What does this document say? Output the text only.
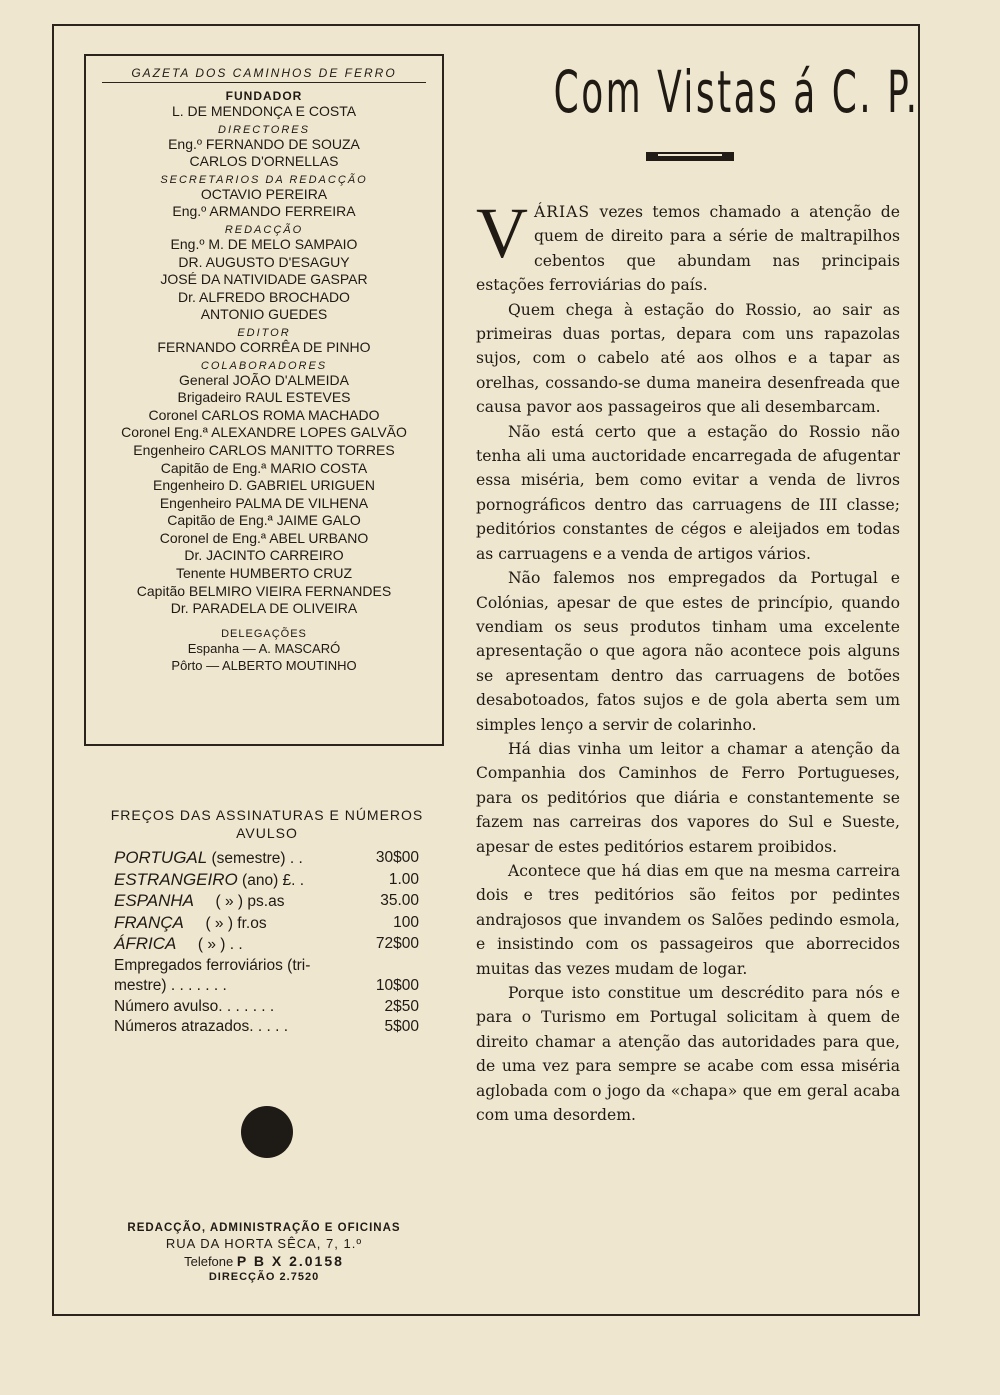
GAZETA DOS CAMINHOS DE FERRO
FUNDADOR
L. DE MENDONÇA E COSTA
DIRECTORES
Eng.º FERNANDO DE SOUZA
CARLOS D'ORNELLAS
SECRETARIOS DA REDACÇÃO
OCTAVIO PEREIRA
Eng.º ARMANDO FERREIRA
REDACÇÃO
Eng.º M. DE MELO SAMPAIO
DR. AUGUSTO D'ESAGUY
JOSÉ DA NATIVIDADE GASPAR
Dr. ALFREDO BROCHADO
ANTONIO GUEDES
EDITOR
FERNANDO CORRÊA DE PINHO
COLABORADORES
General JOÃO D'ALMEIDA
Brigadeiro RAUL ESTEVES
Coronel CARLOS ROMA MACHADO
Coronel Eng.ª ALEXANDRE LOPES GALVÃO
Engenheiro CARLOS MANITTO TORRES
Capitão de Eng.ª MARIO COSTA
Engenheiro D. GABRIEL URIGUEN
Engenheiro PALMA DE VILHENA
Capitão de Eng.ª JAIME GALO
Coronel de Eng.ª ABEL URBANO
Dr. JACINTO CARREIRO
Tenente HUMBERTO CRUZ
Capitão BELMIRO VIEIRA FERNANDES
Dr. PARADELA DE OLIVEIRA
DELEGAÇÕES
Espanha — A. MASCARÓ
Pôrto — ALBERTO MOUTINHO
FREÇOS DAS ASSINATURAS E NÚMEROS
AVULSO
PORTUGAL (semestre) . .	30$00
ESTRANGEIRO (ano) £. .	1.00
ESPANHA     ( » ) ps.as	35.00
FRANÇA     ( » ) fr.os	100
ÁFRICA     ( » ) . .	72$00
Empregados ferroviários (tri-
mestre) . . . . . . .	10$00
Número avulso. . . . . . .	2$50
Números atrazados. . . . .	5$00
REDACÇÃO, ADMINISTRAÇÃO E OFICINAS
RUA DA HORTA SÊCA, 7, 1.º
Telefone P B X 2.0158
DIRECÇÃO 2.7520
Com Vistas á C. P.

VÁRIAS vezes temos chamado a atenção de quem de direito para a série de maltrapilhos cebentos que abundam nas principais estações ferroviárias do país.

Quem chega à estação do Rossio, ao sair as primeiras duas portas, depara com uns rapazolas sujos, com o cabelo até aos olhos e a tapar as orelhas, cossando-se duma maneira desenfreada que causa pavor aos passageiros que ali desembarcam.

Não está certo que a estação do Rossio não tenha ali uma auctoridade encarregada de afugentar essa miséria, bem como evitar a venda de livros pornográficos dentro das carruagens de III classe; peditórios constantes de cégos e aleijados em todas as carruagens e a venda de artigos vários.

Não falemos nos empregados da Portugal e Colónias, apesar de que estes de princípio, quando vendiam os seus produtos tinham uma excelente apresentação o que agora não acontece pois alguns se apresentam dentro das carruagens de botões desabotoados, fatos sujos e de gola aberta sem um simples lenço a servir de colarinho.

Há dias vinha um leitor a chamar a atenção da Companhia dos Caminhos de Ferro Portugueses, para os peditórios que diária e constantemente se fazem nas carreiras dos vapores do Sul e Sueste, apesar de estes peditórios estarem proibidos.

Acontece que há dias em que na mesma carreira dois e tres peditórios são feitos por pedintes andrajosos que invandem os Salões pedindo esmola, e insistindo com os passageiros que aborrecidos muitas das vezes mudam de logar.

Porque isto constitue um descrédito para nós e para o Turismo em Portugal solicitam à quem de direito chamar a atenção das autoridades para que, de uma vez para sempre se acabe com essa miséria aglobada com o jogo da «chapa» que em geral acaba com uma desordem.
